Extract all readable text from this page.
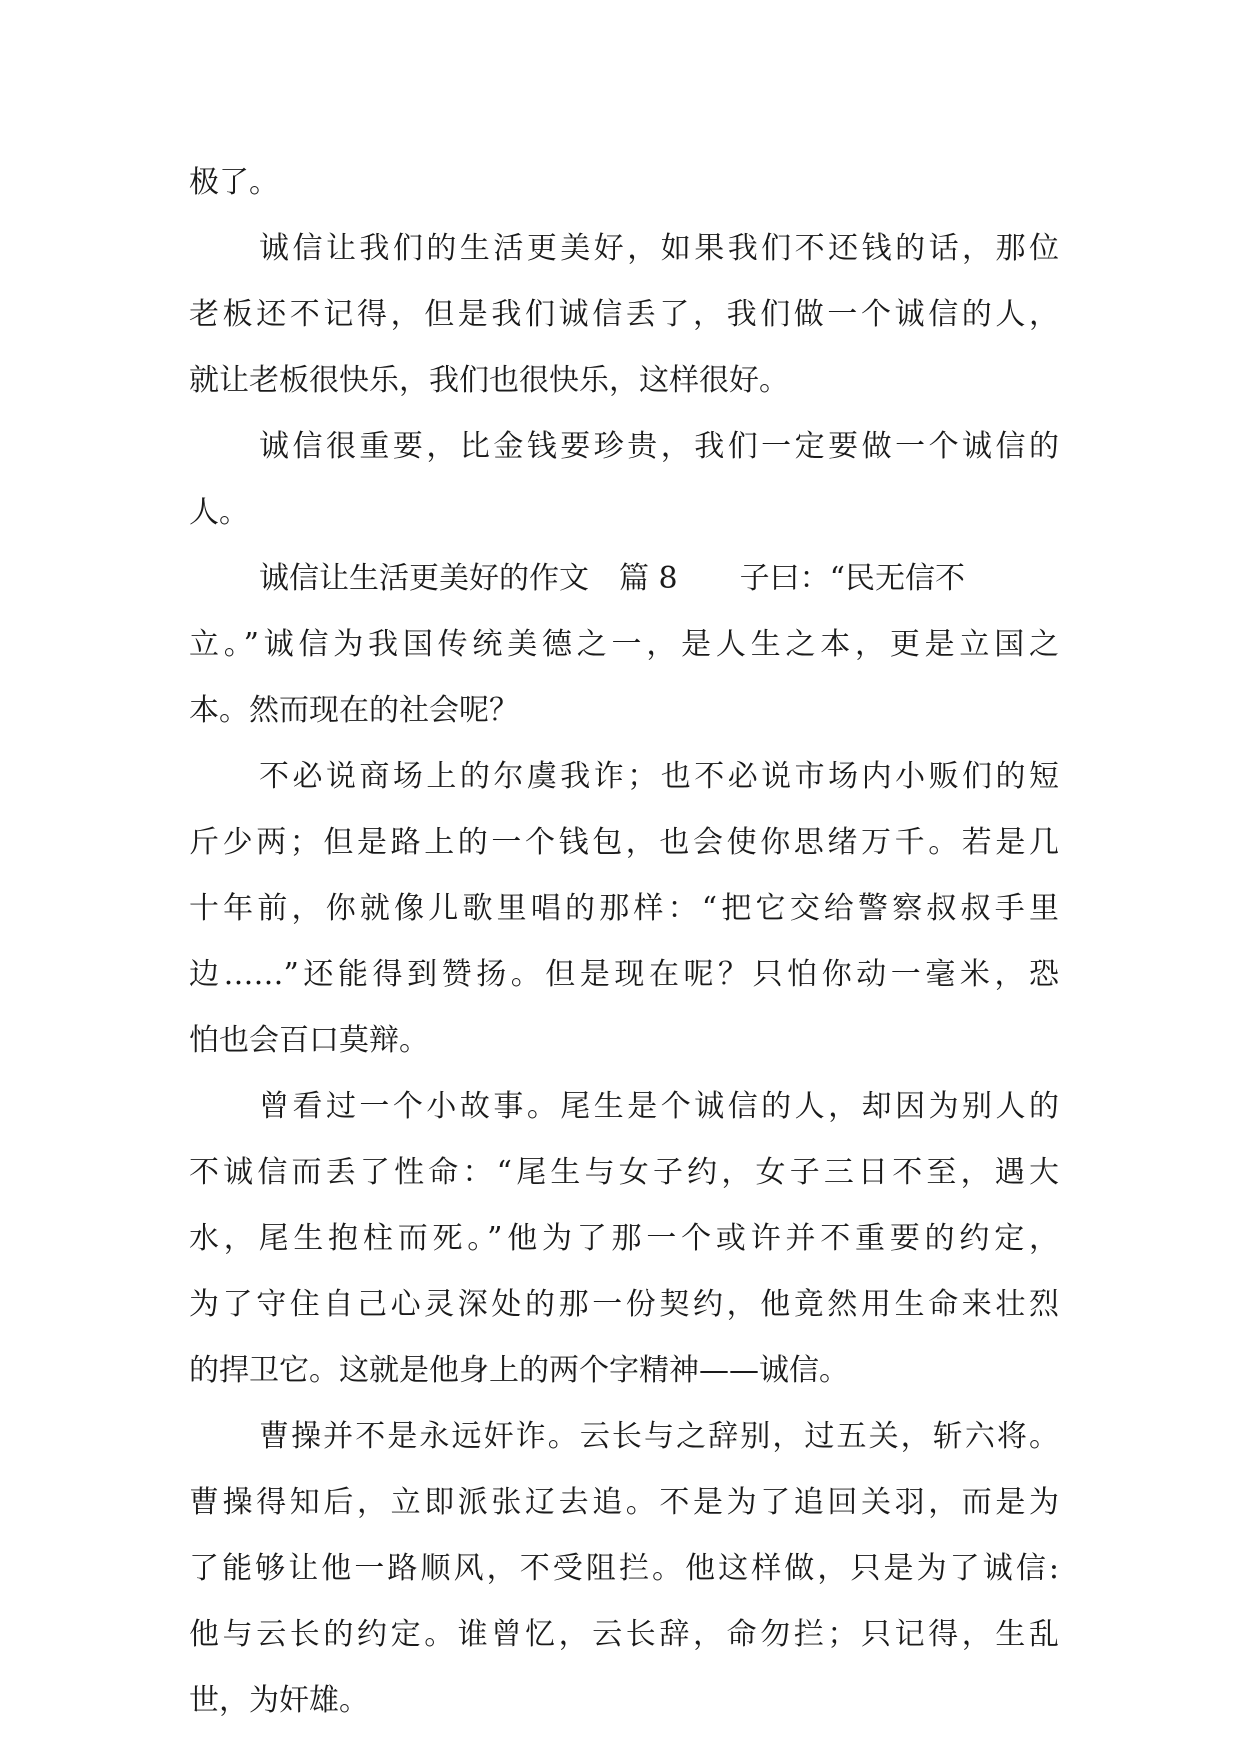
极了。
诚信让我们的生活更美好，如果我们不还钱的话，那位
老板还不记得，但是我们诚信丢了，我们做一个诚信的人，
就让老板很快乐，我们也很快乐，这样很好。
诚信很重要，比金钱要珍贵，我们一定要做一个诚信的
人。
诚信让生活更美好的作文　篇 8 子曰：“民无信不
立。”诚信为我国传统美德之一，是人生之本，更是立国之
本。然而现在的社会呢？
不必说商场上的尔虞我诈；也不必说市场内小贩们的短
斤少两；但是路上的一个钱包，也会使你思绪万千。若是几
十年前，你就像儿歌里唱的那样：“把它交给警察叔叔手里
边……”还能得到赞扬。但是现在呢？只怕你动一毫米，恐
怕也会百口莫辩。
曾看过一个小故事。尾生是个诚信的人，却因为别人的
不诚信而丢了性命：“尾生与女子约，女子三日不至，遇大
水，尾生抱柱而死。”他为了那一个或许并不重要的约定，
为了守住自己心灵深处的那一份契约，他竟然用生命来壮烈
的捍卫它。这就是他身上的两个字精神——诚信。
曹操并不是永远奸诈。云长与之辞别，过五关，斩六将。
曹操得知后，立即派张辽去追。不是为了追回关羽，而是为
了能够让他一路顺风，不受阻拦。他这样做，只是为了诚信:
他与云长的约定。谁曾忆，云长辞，命勿拦；只记得，生乱
世，为奸雄。
